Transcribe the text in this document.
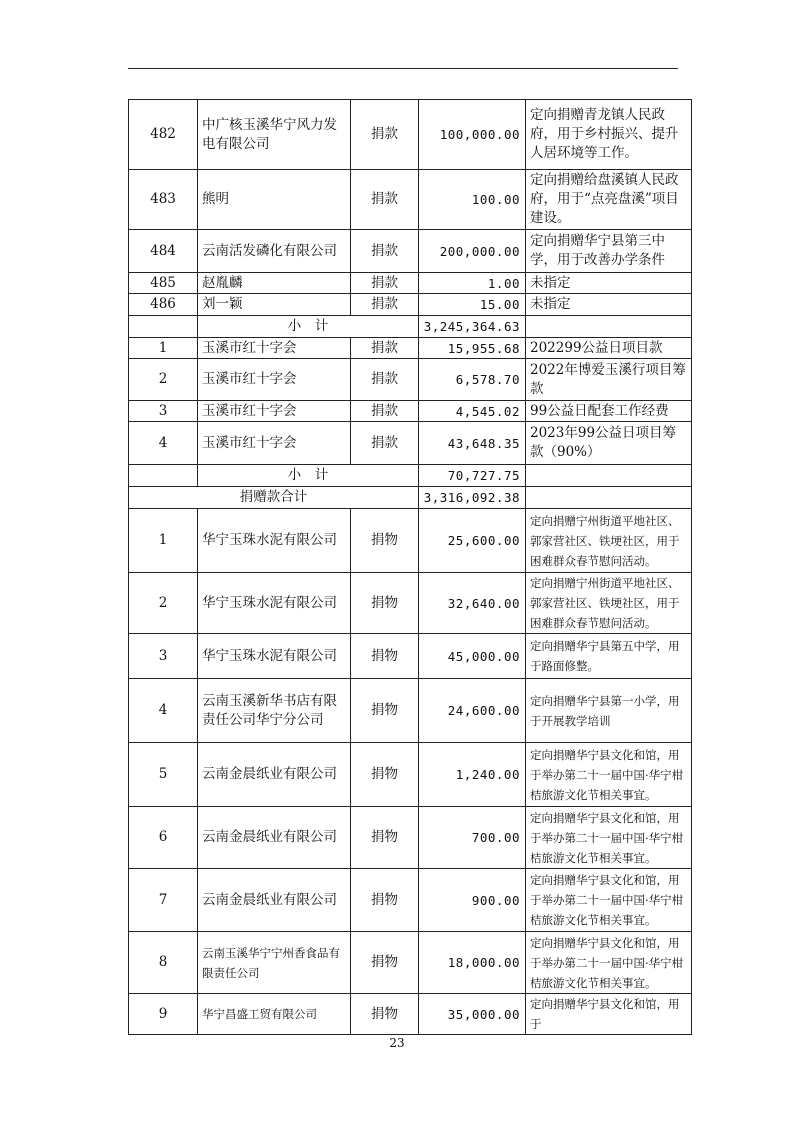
482	中广核玉溪华宁风力发电有限公司	捐款	100,000.00	定向捐赠青龙镇人民政府，用于乡村振兴、提升人居环境等工作。
483	熊明	捐款	100.00	定向捐赠给盘溪镇人民政府，用于“点亮盘溪”项目建设。
484	云南活发磷化有限公司	捐款	200,000.00	定向捐赠华宁县第三中学，用于改善办学条件
485	赵胤麟	捐款	1.00	未指定
486	刘一颖	捐款	15.00	未指定
	小　计		3,245,364.63	
1	玉溪市红十字会	捐款	15,955.68	202299公益日项目款
2	玉溪市红十字会	捐款	6,578.70	2022年博爱玉溪行项目筹款
3	玉溪市红十字会	捐款	4,545.02	99公益日配套工作经费
4	玉溪市红十字会	捐款	43,648.35	2023年99公益日项目筹款（90%）
	小　计		70,727.75	
捐赠款合计			3,316,092.38	
1	华宁玉珠水泥有限公司	捐物	25,600.00	定向捐赠宁州街道平地社区、郭家营社区、铁埂社区，用于困难群众春节慰问活动。
2	华宁玉珠水泥有限公司	捐物	32,640.00	定向捐赠宁州街道平地社区、郭家营社区、铁埂社区，用于困难群众春节慰问活动。
3	华宁玉珠水泥有限公司	捐物	45,000.00	定向捐赠华宁县第五中学，用于路面修整。
4	云南玉溪新华书店有限责任公司华宁分公司	捐物	24,600.00	定向捐赠华宁县第一小学，用于开展教学培训
5	云南金晨纸业有限公司	捐物	1,240.00	定向捐赠华宁县文化和馆，用于举办第二十一届中国·华宁柑桔旅游文化节相关事宜。
6	云南金晨纸业有限公司	捐物	700.00	定向捐赠华宁县文化和馆，用于举办第二十一届中国·华宁柑桔旅游文化节相关事宜。
7	云南金晨纸业有限公司	捐物	900.00	定向捐赠华宁县文化和馆，用于举办第二十一届中国·华宁柑桔旅游文化节相关事宜。
8	云南玉溪华宁宁州香食品有限责任公司	捐物	18,000.00	定向捐赠华宁县文化和馆，用于举办第二十一届中国·华宁柑桔旅游文化节相关事宜。
9	华宁昌盛工贸有限公司	捐物	35,000.00	定向捐赠华宁县文化和馆，用于
23
